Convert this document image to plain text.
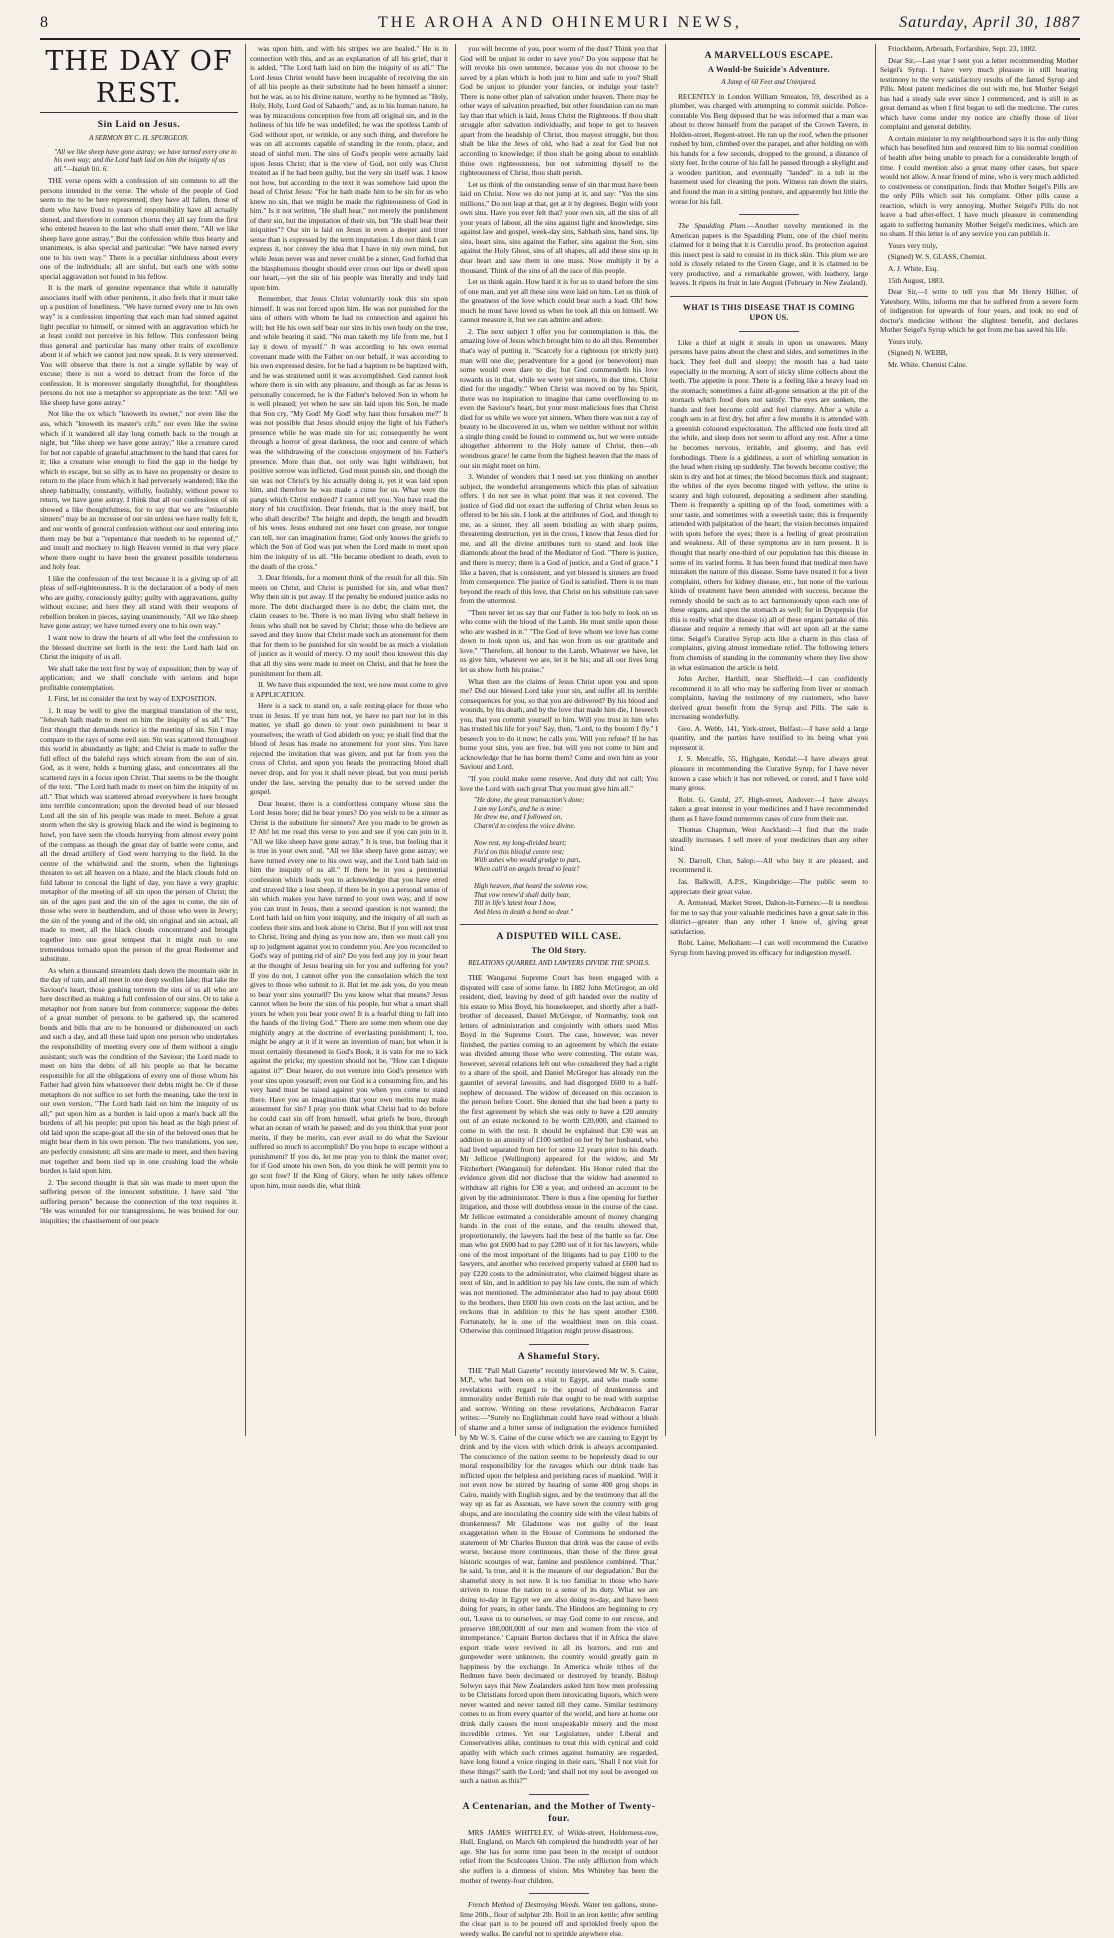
8	THE AROHA AND OHINEMURI NEWS,	Saturday, April 30, 1887
THE DAY OF REST.
Sin Laid on Jesus.

A SERMON BY C. H. SPURGEON.

"All we like sheep have gone astray; we have turned every one to his own way; and the Lord hath laid on him the iniquity of us all."—Isaiah liii. 6.

THE verse opens with a confession of sin common to all the persons intended in the verse. The whole of the people of God seem to me to be here represented; they have all fallen, those of them who have lived to years of responsibility have all actually sinned, and therefore in common chorus they all say from the first who entered heaven to the last who shall enter there, "All we like sheep have gone astray." But the confession while thus hearty and unanimous, is also special and particular: "We have turned every one to his own way." There is a peculiar sinfulness about every one of the individuals; all are sinful, but each one with some special aggravation not found in his fellow.

It is the mark of genuine repentance that while it naturally associates itself with other penitents, it also feels that it must take up a position of loneliness. "We have turned every one to his own way" is a confession importing that each man had sinned against light peculiar to himself, or sinned with an aggravation which he at least could not perceive in his fellow. This confession being thus general and particular has many other traits of excellence about it of which we cannot just now speak. It is very unreserved. You will observe that there is not a single syllable by way of excuse; there is not a word to detract from the force of the confession. It is moreover singularly thoughtful, for thoughtless persons do not use a metaphor so appropriate as the text: "All we like sheep have gone astray."

Not like the ox which "knoweth its owner," nor even like the ass, which "knoweth its master's crib," nor even like the swine which if it wandered all day long cometh back to the trough at night, but "like sheep we have gone astray;" like a creature cared for but not capable of grateful attachment to the hand that cares for it; like a creature wise enough to find the gap in the hedge by which to escape, but so silly as to have no propensity or desire to return to the place from which it had perversely wandered; like the sheep habitually, constantly, wilfully, foolishly, without power to return, we have gone astray. I think that all our confessions of sin showed a like thoughtfulness, for to say that we are "miserable sinners" may be an increase of our sin unless we have really felt it, and our words of general confession without our soul entering into them may be but a "repentance that needeth to be repented of," and insult and mockery to high Heaven vented in that very place where there ought to have been the greatest possible tenderness and holy fear.

I like the confession of the text because it is a giving up of all pleas of self-righteousness. It is the declaration of a body of men who are guilty, consciously guilty; guilty with aggravations, guilty without excuse; and here they all stand with their weapons of rebellion broken in pieces, saying unanimously, "All we like sheep have gone astray; we have turned every one to his own way."

I want now to draw the hearts of all who feel the confession to the blessed doctrine set forth in the text: the Lord hath laid on Christ the iniquity of us all.

We shall take the text first by way of exposition; then by way of application; and we shall conclude with serious and hope profitable contemplation.

I. First, let us consider the text by way of EXPOSITION.

1. It may be well to give the marginal translation of the text, "Jehovah hath made to meet on him the iniquity of us all." The first thought that demands notice is the meeting of sin. Sin I may compare to the rays of some evil sun. Sin was scattered throughout this world in abundantly as light; and Christ is made to suffer the full effect of the baleful rays which stream from the sun of sin. God, as it were, holds a burning glass, and concentrates all the scattered rays in a focus upon Christ. That seems to be the thought of the text. "The Lord hath made to meet on him the iniquity of us all." That which was scattered abroad everywhere is here brought into terrible concentration; upon the devoted head of our blessed Lord all the sin of his people was made to meet. Before a great storm when the sky is growing black and the wind is beginning to howl, you have seen the clouds hurrying from almost every point of the compass as though the great day of battle were come, and all the dread artillery of God were hurrying to the field. In the centre of the whirlwind and the storm, when the lightnings threaten to set all heaven on a blaze, and the black clouds fold on fold labour to conceal the light of day, you have a very graphic metaphor of the meeting of all sin upon the person of Christ; the sin of the ages past and the sin of the ages to come, the sin of those who were in heathendom, and of those who were in Jewry; the sin of the young and of the old, sin original and sin actual, all made to meet, all the black clouds concentrated and brought together into one great tempest that it might rush to one tremendous tornado upon the person of the great Redeemer and substitute.

As when a thousand streamlets dash down the mountain side in the day of rain, and all meet in one deep swollen lake; that lake the Saviour's heart, those gushing torrents the sins of us all who are here described as making a full confession of our sins. Or to take a metaphor not from nature but from commerce; suppose the debts of a great number of persons to be gathered up, the scattered bonds and bills that are to be honoured or dishonoured on such and such a day, and all these laid upon one person who undertakes the responsibility of meeting every one of them without a single assistant; such was the condition of the Saviour; the Lord made to meet on him the debts of all his people so that he became responsible for all the obligations of every one of those whom his Father had given him whatsoever their debts might be. Or if these metaphors do not suffice to set forth the meaning, take the text in our own version, "The Lord hath laid on him the iniquity of us all;" put upon him as a burden is laid upon a man's back all the burdens of all his people; put upon his head as the high priest of old laid upon the scape-goat all the sin of the beloved ones that he might bear them in his own person. The two translations, you see, are perfectly consistent; all sins are made to meet, and then having met together and been tied up in one crushing load the whole burden is laid upon him.

2. The second thought is that sin was made to meet upon the suffering person of the innocent substitute. I have said "the suffering person" because the connection of the text requires it. "He was wounded for our transgressions, he was bruised for our iniquities; the chastisement of our peace

was upon him, and with his stripes we are healed." He is in connection with this, and as an explanation of all his grief, that it is added, "The Lord hath laid on him the iniquity of us all." The Lord Jesus Christ would have been incapable of receiving the sin of all his people as their substitute had he been himself a sinner: but he was, as to his divine nature, worthy to be hymned as "Holy, Holy, Holy, Lord God of Sabaoth;" and, as to his human nature, he was by miraculous conception free from all original sin, and in the holiness of his life he was undefiled; he was the spotless Lamb of God without spot, or wrinkle, or any such thing, and therefore he was on all accounts capable of standing in the room, place, and stead of sinful men. The sins of God's people were actually laid upon Jesus Christ; that is the view of God, not only was Christ treated as if he had been guilty, but the very sin itself was. I know not how, but according to the text it was somehow laid upon the head of Christ Jesus: "For he hath made him to be sin for us who knew no sin, that we might be made the righteousness of God in him." Is it not written, "He shall bear," not merely the punishment of their sin, but the imputation of their sin, but "He shall bear their iniquities"? Our sin is laid on Jesus in even a deeper and truer sense than is expressed by the term imputation. I do not think I can express it, nor convey the idea that I have in my own mind, but while Jesus never was and never could be a sinner, God forbid that the blasphemous thought should ever cross our lips or dwell upon our heart,—yet the sin of his people was literally and truly laid upon him.

Remember, that Jesus Christ voluntarily took this sin upon himself. It was not forced upon him. He was not punished for the sins of others with whom he had no connection and against his will; but He his own self bear our sins in his own body on the tree, and while bearing it said, "No man taketh my life from me, but I lay it down of myself." It was according to his own eternal covenant made with the Father on our behalf, it was according to his own expressed desire, for he had a baptism to be baptized with, and he was straitened until it was accomplished. God cannot look where there is sin with any pleasure, and though as far as Jesus is personally concerned, he is the Father's beloved Son in whom he is well pleased; yet when he saw sin laid upon his Son, he made that Son cry, "My God! My God! why hast thou forsaken me?" It was not possible that Jesus should enjoy the light of his Father's presence while he was made sin for us; consequently he went through a horror of great darkness, the root and centre of which was the withdrawing of the conscious enjoyment of his Father's presence. More than that, not only was light withdrawn, but positive sorrow was inflicted. God must punish sin, and though the sin was not Christ's by his actually doing it, yet it was laid upon him, and therefore he was made a curse for us. What were the pangs which Christ endured? I cannot tell you. You have read the story of his crucifixion. Dear friends, that is the story itself, but who shall describe? The height and depth, the length and breadth of his woes. Jesus endured not one heart con grease, nor tongue can tell, nor can imagination frame; God only knows the griefs to which the Son of God was put when the Lord made to meet upon him the iniquity of us all. "He became obedient to death, even to the death of the cross."

3. Dear friends, for a moment think of the result for all this. Sin meets on Christ, and Christ is punished for sin, and what then? Why then sin is put away. If the penalty be endured justice asks no more. The debt discharged there is no debt; the claim met, the claim ceases to be. There is no man living who shall believe in Jesus who shall not be saved by Christ; those who do believe are saved and they know that Christ made such an atonement for them that for them to be punished for sin would be as much a violation of justice as it would of mercy. O my soul! thou knowest this day that all thy sins were made to meet on Christ, and that he bore the punishment for them all.

II. We have thus expounded the text, we now must come to give it APPLICATION.

Here is a sack to stand on, a safe resting-place for those who trust in Jesus. If ye trust him not, ye have no part nor lot in this matter, ye shall go down to your own punishment to bear it yourselves; the wrath of God abideth on you; ye shall find that the blood of Jesus has made no atonement for your sins. You have rejected the invitation that was given, and put far from you the cross of Christ, and upon you heads the protracting blood shall never drop, and for you it shall never plead, but you must perish under the law, serving the penalty due to be served under the gospel.

Dear hearer, there is a comfortless company whose sins the Lord Jesus bore; did he bear yours? Do you wish to be a sinner as Christ is the substitute for sinners? Are you made to be grown as I? Ah! let me read this verse to you and see if you can join in it. "All we like sheep have gone astray." It is true, but feeling that it is true in your own soul. "All we like sheep have gone astray; we have turned every one to his own way, and the Lord hath laid on him the iniquity of us all." If there be in you a penitential confession which leads you to acknowledge that you have erred and strayed like a lost sheep, if there be in you a personal sense of sin which makes you have turned to your own way, and if now you can trust in Jesus, then a second question is not wanted; the Lord hath laid on him your iniquity, and the iniquity of all such as confess their sins and look alone to Christ. But if you will not trust to Christ, living and dying as you now are, then we must call you up to judgment against you to condemn you. Are you reconciled to God's way of putting rid of sin? Do you feel any joy in your heart at the thought of Jesus bearing sin for you and suffering for you? If you do not, I cannot offer you the consolation which the text gives to those who submit to it. But let me ask you, do you mean to bear your sins yourself? Do you know what that means? Jesus cannot when he bore the sins of his people, but what a smart shall yours be when you bear your own! It is a fearful thing to fall into the hands of the living God." There are some men whom one day mightily angry at the doctrine of everlasting punishment; I, too, might be angry at it if it were an invention of man; but when it is most certainly threatened in God's Book, it is vain for me to kick against the pricks; my question should not be, "How can I dispute against it?" Dear hearer, do not venture into God's presence with your sins upon yourself; even our God is a consuming fire, and his very hand must be raised against you when you come to stand there. Have you an imagination that your own merits may make atonement for sin? I pray you think what Christ had to do before he could cast sin off from himself, what griefs he bore, through what an ocean of wrath he passed; and do you think that your poor merits, if they be merits, can ever avail to do what the Saviour suffered so much to accomplish? Do you hope to escape without a punishment? If you do, let me pray you to think the matter over; for if God smote his own Son, do you think he will permit you to go scot free? If the King of Glory, when he only takes offence upon him, must needs die, what think

you will become of you, poor worm of the dust? Think you that God will be unjust in order to save you? Do you suppose that he will revoke his own sentence, because you do not choose to be saved by a plan which is both just to him and safe to you? Shall God be unjust to plunder your fancies, or indulge your taste? There is none other plan of salvation under heaven. There may be other ways of salvation preached, but other foundation can no man lay than that which is laid, Jesus Christ the Righteous. If thou shalt struggle after salvation individually, and hope to get to heaven apart from the headship of Christ, thou mayest struggle, but thou shalt be like the Jews of old, who had a zeal for God but not according to knowledge; if thou shalt be going about to establish thine own righteousness, but not submitting thyself to the righteousness of Christ, thou shalt perish.

Let us think of the outstanding sense of sin that must have been laid on Christ. Now we do not jump at it, and say: "Yes the sins millions," Do not leap at that, get at it by degrees. Begin with your own sins. Have you ever felt that? your own sin, all the sins of all your years of labour, all the sins against light and knowledge, sins against law and gospel, week-day sins, Sabbath sins, hand sins, lip sins, heart sins, sins against the Father, sins against the Son, sins against the Holy Ghost, sins of all shapes, all add these sins up in dear heart and saw them in one mass. Now multiply it by a thousand. Think of the sins of all the race of this people.

Let us think again. How hard it is for us to stand before the sins of one man, and yet all these sins were laid on him. Let us think of the greatness of the love which could bear such a load. Oh! how much he must have loved us when he took all this on himself. We cannot measure it, but we can admire and adore.

2. The next subject I offer you for contemplation is this, the amazing love of Jesus which brought him to do all this. Remember that's way of putting it. "Scarcely for a righteous (or strictly just) man will one die; peradventure for a good (or benevolent) man some would even dare to die; but God commendeth his love towards us in that, while we were yet sinners, in due time, Christ died for the ungodly." When Christ was moved on by his Spirit, there was no inspiration to imagine that came overflowing to us even the Saviour's heart, but your most malicious foes that Christ died for us while we were yet sinners. When there was not a ray of beauty to be discovered in us, when we neither without nor within a single thing could be found to commend us, but we were outside altogether abhorrent to the Holy nature of Christ, then—oh wondrous grace! he came from the highest heaven that the mass of our sin might meet on him.

3. Wonder of wonders that I need set you thinking on another subject, the wonderful arrangements which this plan of salvation offers. I do not see in what point that was it not covered. The justice of God did not exact the suffering of Christ when Jesus so offered to be his sin. I look at the attributes of God, and though to me, as a sinner, they all seem bristling as with sharp points, threatening destruction, yet in the cross, I know that Jesus died for me, and all the divine attributes turn to stand and look like diamonds about the head of the Mediator of God. "There is justice, and there is mercy; there is a God of justice, and a God of grace." I like a haven, that is consistent, and yet blessed is sinners are freed from consequence. The justice of God is satisfied. There is no man beyond the reach of this love, that Christ on his substitute can save from the uttermost.

"Then never let us say that our Father is too holy to look on us who come with the blood of the Lamb. He must smile upon those who are washed in it." "The God of love whom we love has come down to look upon us, and has won from us our gratitude and love." "Therefore, all honour to the Lamb. Whatever we have, let us give him, whatever we are, let it be his; and all our lives long let us show forth his praise."

What then are the claims of Jesus Christ upon you and upon me? Did our blessed Lord take your sin, and suffer all its terrible consequences for you, so that you are delivered? By his blood and wounds, by his death, and by the love that made him die, I beseech you, that you commit yourself to him. Will you trust in him who has trusted his life for you? Say, then, "Lord, to thy bosom I fly." I beseech you to do it now; he calls you. Will you refuse? If he has borne your sins, you are free, but will you not come to him and acknowledge that he has borne them? Come and own him as your Saviour and Lord.

"If you could make some reserve, And duty did not call; You love the Lord with such great That you must give him all."

"He done, the great transaction's done;
I am my Lord's, and he is mine:
He drew me, and I followed on,
Charm'd to confess the voice divine.

Now rest, my long-divided heart;
Fix'd on this blissful centre rest;
With ashes who would grudge to part,
When call'd on angels bread to feast?

High heaven, that heard the solemn vow,
That vow renew'd shall daily hear,
Till in life's latest hour I bow,
And bless in death a bond so dear."

A DISPUTED WILL CASE.
The Old Story.

RELATIONS QUARREL AND LAWYERS DIVIDE THE SPOILS.

THE Wanganui Supreme Court has been engaged with a disputed will case of some fame. In 1882 John McGregor, an old resident, died, leaving by deed of gift handed over the reality of his estate to Miss Boyd, his housekeeper, and shortly after a half-brother of deceased, Daniel McGregor, of Normanby, took out letters of administration and conjointly with others sued Miss Boyd in the Supreme Court. The case, however, was never finished, the parties coming to an agreement by which the estate was divided among those who were contesting. The estate was, however, several relations left out who considered they had a right to a share of the spoil, and Daniel McGregor has already run the gauntlet of several lawsuits, and had disgorged £600 to a half-nephew of deceased. The widow of deceased on this occasion is the person before Court. She denied that she had been a party to the first agreement by which she was only to have a £20 annuity out of an estate reckoned to be worth £20,000, and claimed to come in with the rest. It should be explained that £30 was an addition to an annuity of £100 settled on her by her husband, who had lived separated from her for some 12 years prior to his death. Mr Jellicoe (Wellington) appeared for the widow, and Mr Fitzherbert (Wanganui) for defendant. His Honor ruled that the evidence given did not disclose that the widow had assented to withdraw all rights for £30 a year, and ordered an account to be given by the administrator. There is thus a fine opening for further litigation, and those will doubtless ensue in the course of the case. Mr Jellicoe estimated a considerable amount of money changing hands in the cost of the estate, and the results showed that, proportionately, the lawyers had the best of the battle so far. One man who got £600 had to pay £280 out of it for his lawyers, while one of the most important of the litigants had to pay £100 to the lawyers, and another who received property valued at £600 had to pay £220 costs to the administrator, who claimed biggest share as next of kin, and in addition to pay his law costs, the sum of which was not mentioned. The administrator also had to pay about £600 to the brothers, then £600 his own costs on the last action, and he reckons that in addition to this he has spent another £300. Fortunately, he is one of the wealthiest men on this coast. Otherwise this continued litigation might prove disastrous.

A Shameful Story.

THE "Pall Mall Gazette" recently interviewed Mr W. S. Caine, M.P., who had been on a visit to Egypt, and who made some revelations with regard to the spread of drunkenness and immorality under British rule that ought to be read with surprise and sorrow. Writing on these revelations, Archdeacon Farrar writes:—"Surely no Englishman could have read without a blush of shame and a bitter sense of indignation the evidence furnished by Mr W. S. Caine of the curse which we are causing to Egypt by drink and by the vices with which drink is always accompanied. The conscience of the nation seems to be hopelessly dead to our moral responsibility for the ravages which our drink trade has inflicted upon the helpless and perishing races of mankind. 'Will it not even now be stirred by hearing of some 400 grog shops in Cairo, mainly with English signs, and by the testimony that all the way up as far as Assouan, we have sown the country with grog shops, and are inoculating the country side with the vilest habits of drunkenness? Mr Gladstone was not guilty of the least exaggeration when in the House of Commons he endorsed the statement of Mr Charles Buxton that drink was the cause of evils worse, because more continuous, than those of the three great historic scourges of war, famine and pestilence combined. 'That,' he said, 'is true, and it is the measure of our degradation.' But the shameful story is not new. It is too familiar to those who have striven to rouse the nation to a sense of its duty. What we are doing to-day in Egypt we are also doing to-day, and have been doing for years, in other lands. The Hindoos are beginning to cry out, 'Leave us to ourselves, or may God come to our rescue, and preserve 180,000,000 of our men and women from the vice of intemperance.' Captain Burton declares that if in Africa the slave export trade were revived in all its horrors, and run and gunpowder were unknown, the country would greatly gain in happiness by the exchange. In America whole tribes of the Redmen have been decimated or destroyed by brandy. Bishop Selwyn says that New Zealanders asked him how men professing to be Christians forced upon them intoxicating liquors, which were never wanted and never tasted till they came. Similar testimony comes to us from every quarter of the world, and here at home our drink daily causes the most unspeakable misery and the most incredible crimes. Yet our Legislature, under Liberal and Conservatives alike, continues to treat this with cynical and cold apathy with which such crimes against humanity are regarded, have long found a voice ringing in their ears, 'Shall I not visit for these things?' saith the Lord; 'and shall not my soul be avenged on such a nation as this?'"

A Centenarian, and the Mother of Twenty-four.

MRS JAMES WHITELEY, of Wilde-street, Holderness-row, Hull, England, on March 6th completed the hundredth year of her age. She has for some time past been in the receipt of outdoor relief from the Sculcoates Union. The only affliction from which she suffers is a dimness of vision. Mrs Whiteley has been the mother of twenty-four children.

French Method of Destroying Weeds. Water ten gallons, stone-lime 20lb., flour of sulphur 2lb. Boil in an iron kettle; after settling the clear part is to be poured off and sprinkled freely upon the weedy walks. Be careful not to sprinkle anywhere else.

A MARVELLOUS ESCAPE.
A Would-be Suicide's Adventure.

A Jump of 60 Feet and Uninjured.

RECENTLY in London William Smeaton, 59, described as a plumber, was charged with attempting to commit suicide. Police-constable Vos Berg deposed that he was informed that a man was about to throw himself from the parapet of the Crown Tavern, in Holden-street, Regent-street. He ran up the roof, when the prisoner rushed by him, climbed over the parapet, and after holding on with his hands for a few seconds, dropped to the ground, a distance of sixty feet. In the course of his fall he passed through a skylight and a wooden partition, and eventually "landed" in a tub in the basement used for cleaning the pots. Witness ran down the stairs, and found the man in a sitting posture, and apparently but little the worse for his fall.

The Spaulding Plum.—Another novelty mentioned in the American papers is the Spaulding Plum, one of the chief merits claimed for it being that it is Curculio proof. Its protection against this insect pest is said to consist in its thick skin. This plum we are told is closely related to the Green Gage, and it is claimed to be very productive, and a remarkable grower, with leathery, large leaves. It ripens its fruit in late August (February in New Zealand).

WHAT IS THIS DISEASE THAT IS COMING UPON US.

Like a thief at night it steals in upon us unawares. Many persons have pains about the chest and sides, and sometimes in the back. They feel dull and sleepy; the mouth has a bad taste especially in the morning. A sort of sticky slime collects about the teeth. The appetite is poor. There is a feeling like a heavy load on the stomach; sometimes a faint all-gone sensation at the pit of the stomach which food does not satisfy. The eyes are sunken, the hands and feet become cold and feel clammy. After a while a cough sets in at first dry, but after a few months it is attended with a greenish coloured expectoration. The afflicted one feels tired all the while, and sleep does not seem to afford any rest. After a time he becomes nervous, irritable, and gloomy, and has evil forebodings. There is a giddiness, a sort of whirling sensation in the head when rising up suddenly. The bowels become costive; the skin is dry and hot at times; the blood becomes thick and stagnant; the whites of the eyes become tinged with yellow, the urine is scanty and high coloured, depositing a sediment after standing. There is frequently a spitting up of the food, sometimes with a sour taste, and sometimes with a sweetish taste; this is frequently attended with palpitation of the heart; the vision becomes impaired with spots before the eyes; there is a feeling of great prostration and weakness. All of these symptoms are in turn present. It is thought that nearly one-third of our population has this disease in some of its varied forms. It has been found that medical men have mistaken the nature of this disease. Some have treated it for a liver complaint, others for kidney disease, etc., but none of the various kinds of treatment have been attended with success, because the remedy should be such as to act harmoniously upon each one of these organs, and upon the stomach as well; for in Dyspepsia (for this is really what the disease is) all of these organs partake of this disease and require a remedy that will act upon all at the same time. Seigel's Curative Syrup acts like a charm in this class of complaints, giving almost immediate relief. The following letters from chemists of standing in the community where they live show in what estimation the article is held.

John Archer, Harthill, near Sheffield:—I can confidently recommend it to all who may be suffering from liver or stomach complaints, having the testimony of my customers, who have derived great benefit from the Syrup and Pills. The sale is increasing wonderfully.

Geo. A. Webb, 141, York-street, Belfast:—I have sold a large quantity, and the parties have testified to its being what you represent it.

J. S. Metcalfe, 55, Highgate, Kendal:—I have always great pleasure in recommending the Curative Syrup, for I have never known a case which it has not relieved, or cured, and I have sold many gross.

Robt. G. Gould, 27, High-street, Andover:—I have always taken a great interest in your medicines and I have recommended them as I have found numerous cases of cure from their use.

Thomas Chapman, West Auckland:—I find that the trade steadily increases. I sell more of your medicines than any other kind.

N. Darroll, Clun, Salop:—All who buy it are pleased, and recommend it.

Jas. Balkwill, A.P.S., Kingsbridge:—The public seem to appreciate their great value.

A. Armstead, Market Street, Dalton-in-Furness:—It is needless for me to say that your valuable medicines have a great sale in this district—greater than any other I know of, giving great satisfaction.

Robt. Laine, Melksham:—I can well recommend the Curative Syrup from having proved its efficacy for indigestion myself.

Friockheim, Arbroath, Forfarshire, Sept. 23, 1882.

Dear Sir,—Last year I sent you a letter recommending Mother Seigel's Syrup. I have very much pleasure in still bearing testimony to the very satisfactory results of the famed Syrup and Pills. Most patent medicines die out with me, but Mother Seigel has had a steady sale ever since I commenced, and is still in as great demand as when I first began to sell the medicine. The cures which have come under my notice are chiefly those of liver complaint and general debility.

A certain minister in my neighbourhood says it is the only thing which has benefited him and restored him to his normal condition of health after being unable to preach for a considerable length of time. I could mention also a great many other cases, but space would not allow. A near friend of mine, who is very much addicted to costiveness or constipation, finds that Mother Seigel's Pills are the only Pills which suit his complaint. Other pills cause a reaction, which is very annoying. Mother Seigel's Pills do not leave a bad after-effect. I have much pleasure in commending again to suffering humanity Mother Seigel's medicines, which are no sham. If this letter is of any service you can publish it.

Yours very truly,

(Signed) W. S. GLASS, Chemist.

A. J. White, Esq.

15th August, 1883.

Dear Sir,—I write to tell you that Mr Henry Hillier, of Yatesbury, Wilts, informs me that he suffered from a severe form of indigestion for upwards of four years, and took no end of doctor's medicine without the slightest benefit, and declares Mother Seigel's Syrup which he got from me has saved his life.

Yours truly,

(Signed) N. WEBB,

Mr. White. Chemist Calne.
